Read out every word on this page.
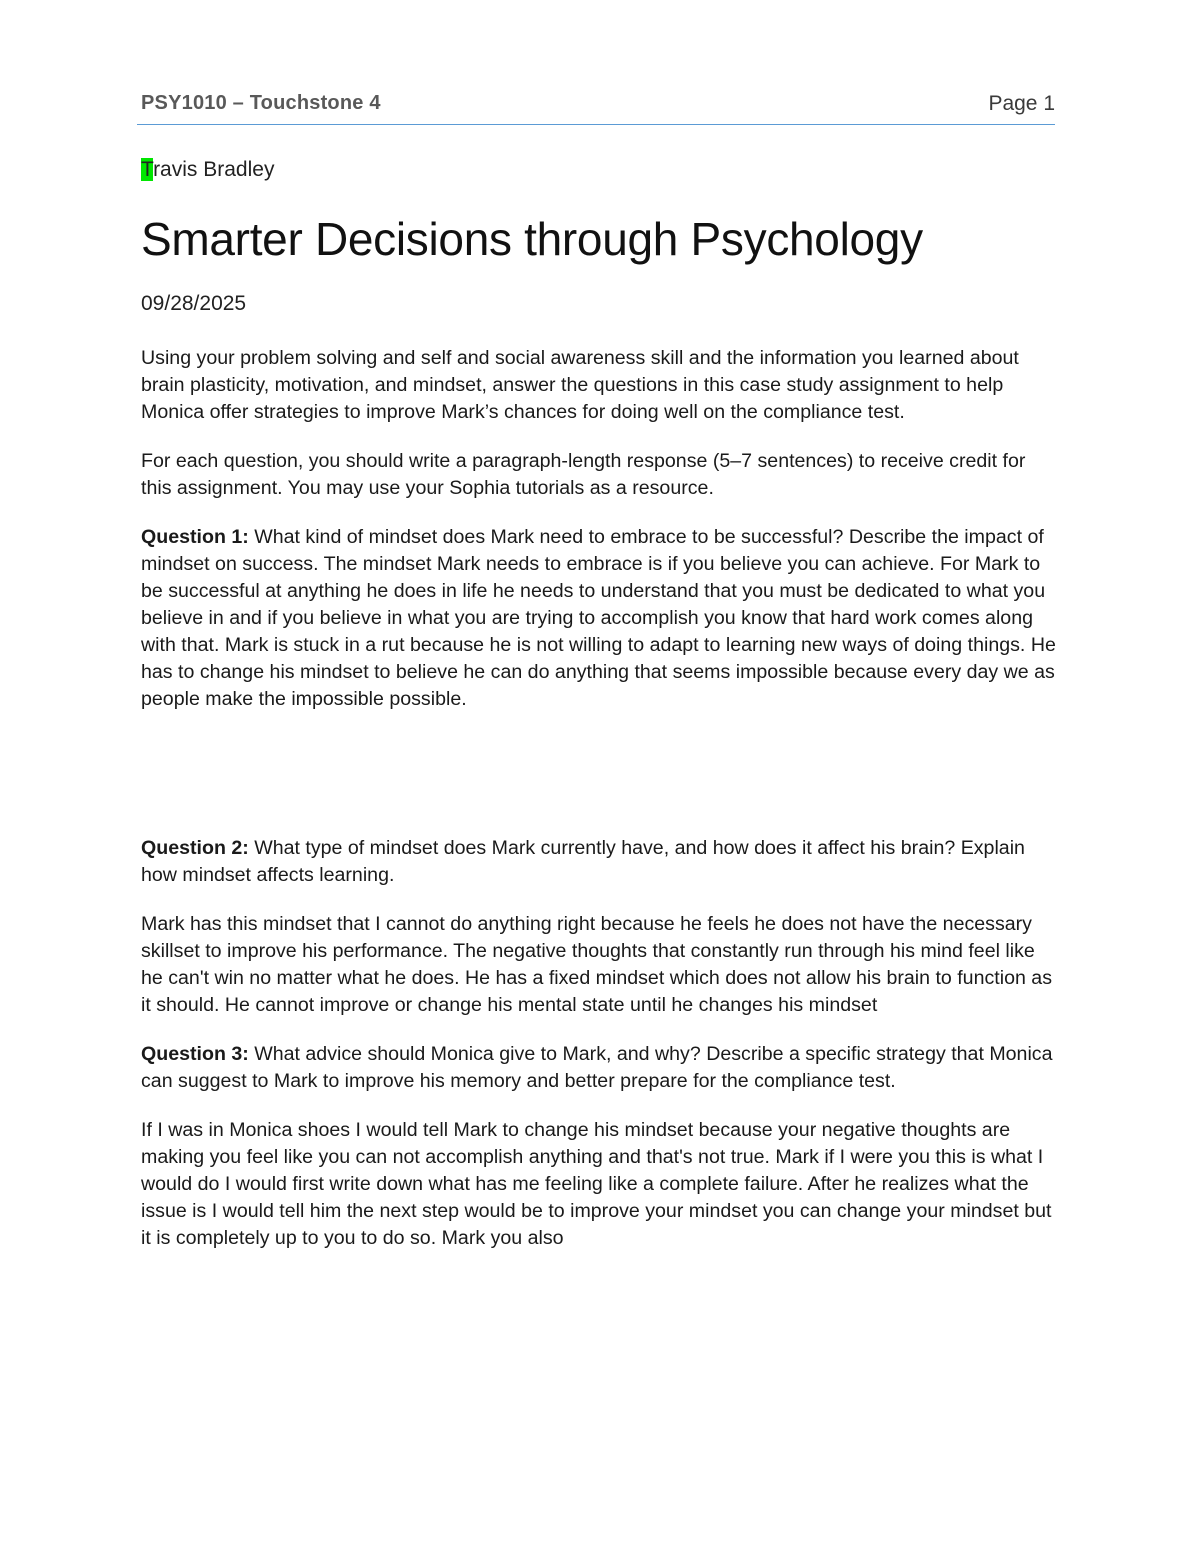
PSY1010 – Touchstone 4	Page 1

Travis Bradley

Smarter Decisions through Psychology

09/28/2025

Using your problem solving and self and social awareness skill and the information you learned about brain plasticity, motivation, and mindset, answer the questions in this case study assignment to help Monica offer strategies to improve Mark’s chances for doing well on the compliance test.

For each question, you should write a paragraph-length response (5–7 sentences) to receive credit for this assignment. You may use your Sophia tutorials as a resource.

Question 1: What kind of mindset does Mark need to embrace to be successful? Describe the impact of mindset on success. The mindset Mark needs to embrace is if you believe you can achieve. For Mark to be successful at anything he does in life he needs to understand that you must be dedicated to what you believe in and if you believe in what you are trying to accomplish you know that hard work comes along with that. Mark is stuck in a rut because he is not willing to adapt to learning new ways of doing things. He has to change his mindset to believe he can do anything that seems impossible because every day we as people make the impossible possible.

Question 2: What type of mindset does Mark currently have, and how does it affect his brain? Explain how mindset affects learning.

Mark has this mindset that I cannot do anything right because he feels he does not have the necessary skillset to improve his performance. The negative thoughts that constantly run through his mind feel like he can't win no matter what he does. He has a fixed mindset which does not allow his brain to function as it should. He cannot improve or change his mental state until he changes his mindset

Question 3: What advice should Monica give to Mark, and why? Describe a specific strategy that Monica can suggest to Mark to improve his memory and better prepare for the compliance test.

If I was in Monica shoes I would tell Mark to change his mindset because your negative thoughts are making you feel like you can not accomplish anything and that's not true. Mark if I were you this is what I would do I would first write down what has me feeling like a complete failure. After he realizes what the issue is I would tell him the next step would be to improve your mindset you can change your mindset but it is completely up to you to do so. Mark you also
